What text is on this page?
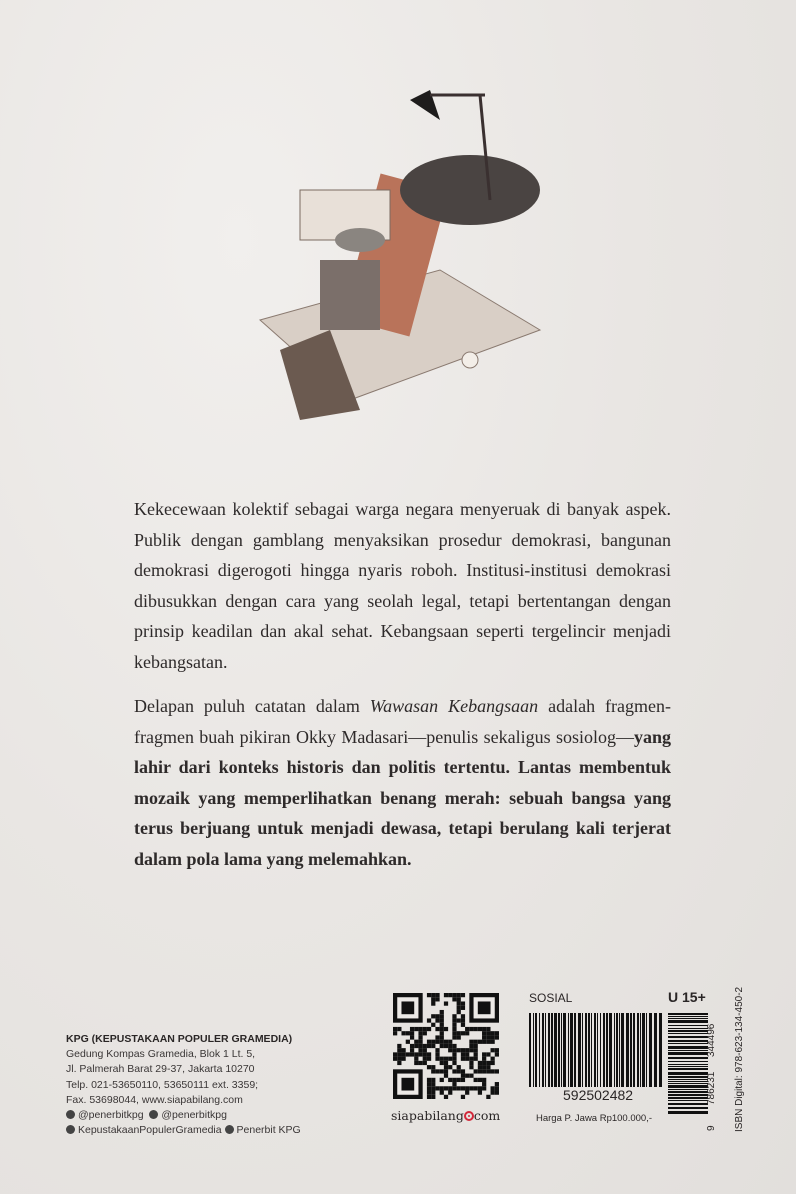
Kekecewaan kolektif sebagai warga negara menyeruak di banyak aspek. Publik dengan gamblang menyaksikan prosedur demokrasi, bangunan demokrasi digerogoti hingga nyaris roboh. Institusi-institusi demokrasi dibusukkan dengan cara yang seolah legal, tetapi bertentangan dengan prinsip keadilan dan akal sehat. Kebangsaan seperti tergelincir menjadi kebangsatan.

Delapan puluh catatan dalam Wawasan Kebangsaan adalah fragmen-fragmen buah pikiran Okky Madasari—penulis sekaligus sosiolog—yang lahir dari konteks historis dan politis tertentu. Lantas membentuk mozaik yang memperlihatkan benang merah: sebuah bangsa yang terus berjuang untuk menjadi dewasa, tetapi berulang kali terjerat dalam pola lama yang melemahkan.

KPG (KEPUSTAKAAN POPULER GRAMEDIA)
Gedung Kompas Gramedia, Blok 1 Lt. 5,
Jl. Palmerah Barat 29-37, Jakarta 10270
Telp. 021-53650110, 53650111 ext. 3359;
Fax. 53698044, www.siapabilang.com
@penerbitkpg @penerbitkpg
KepustakaanPopulerGramedia Penerbit KPG
siapabilang com
SOSIAL	U 15+
592502482
Harga P. Jawa Rp100.000,-
9
786231
344496 ISBN Digital: 978-623-134-450-2
